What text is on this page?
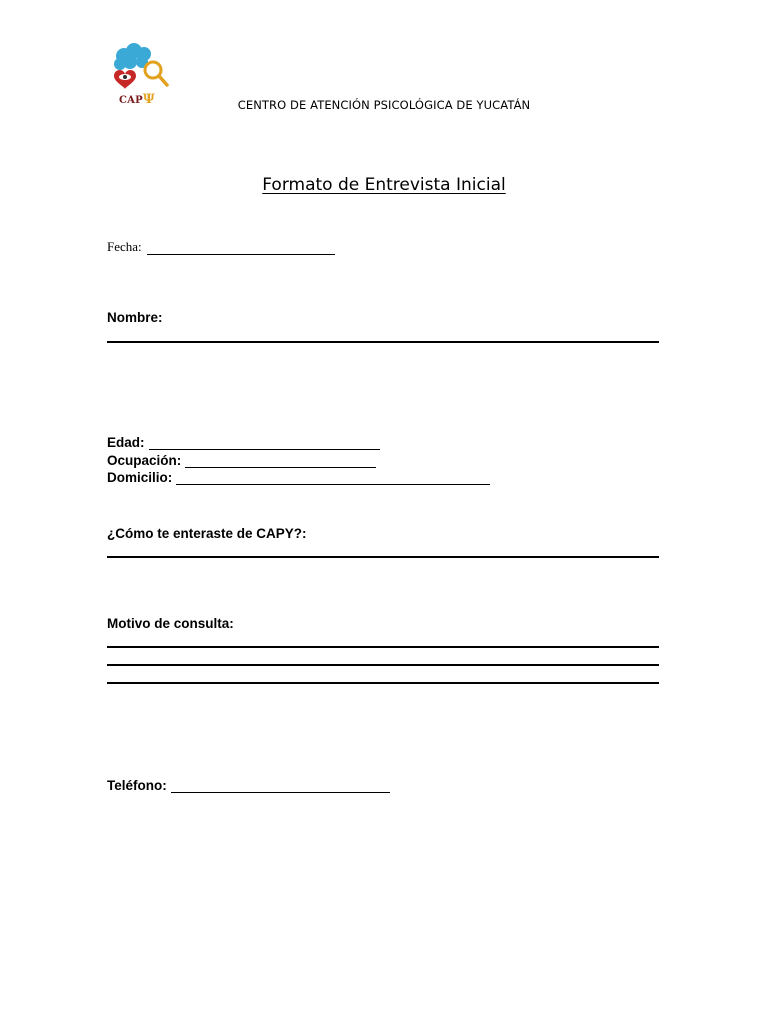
CAPΨ	CENTRO DE ATENCIÓN PSICOLÓGICA DE YUCATÁN
Formato de Entrevista Inicial
Fecha:
Nombre:
Edad:
Ocupación:
Domicilio:
¿Cómo te enteraste de CAPY?:
Motivo de consulta:
Teléfono:
